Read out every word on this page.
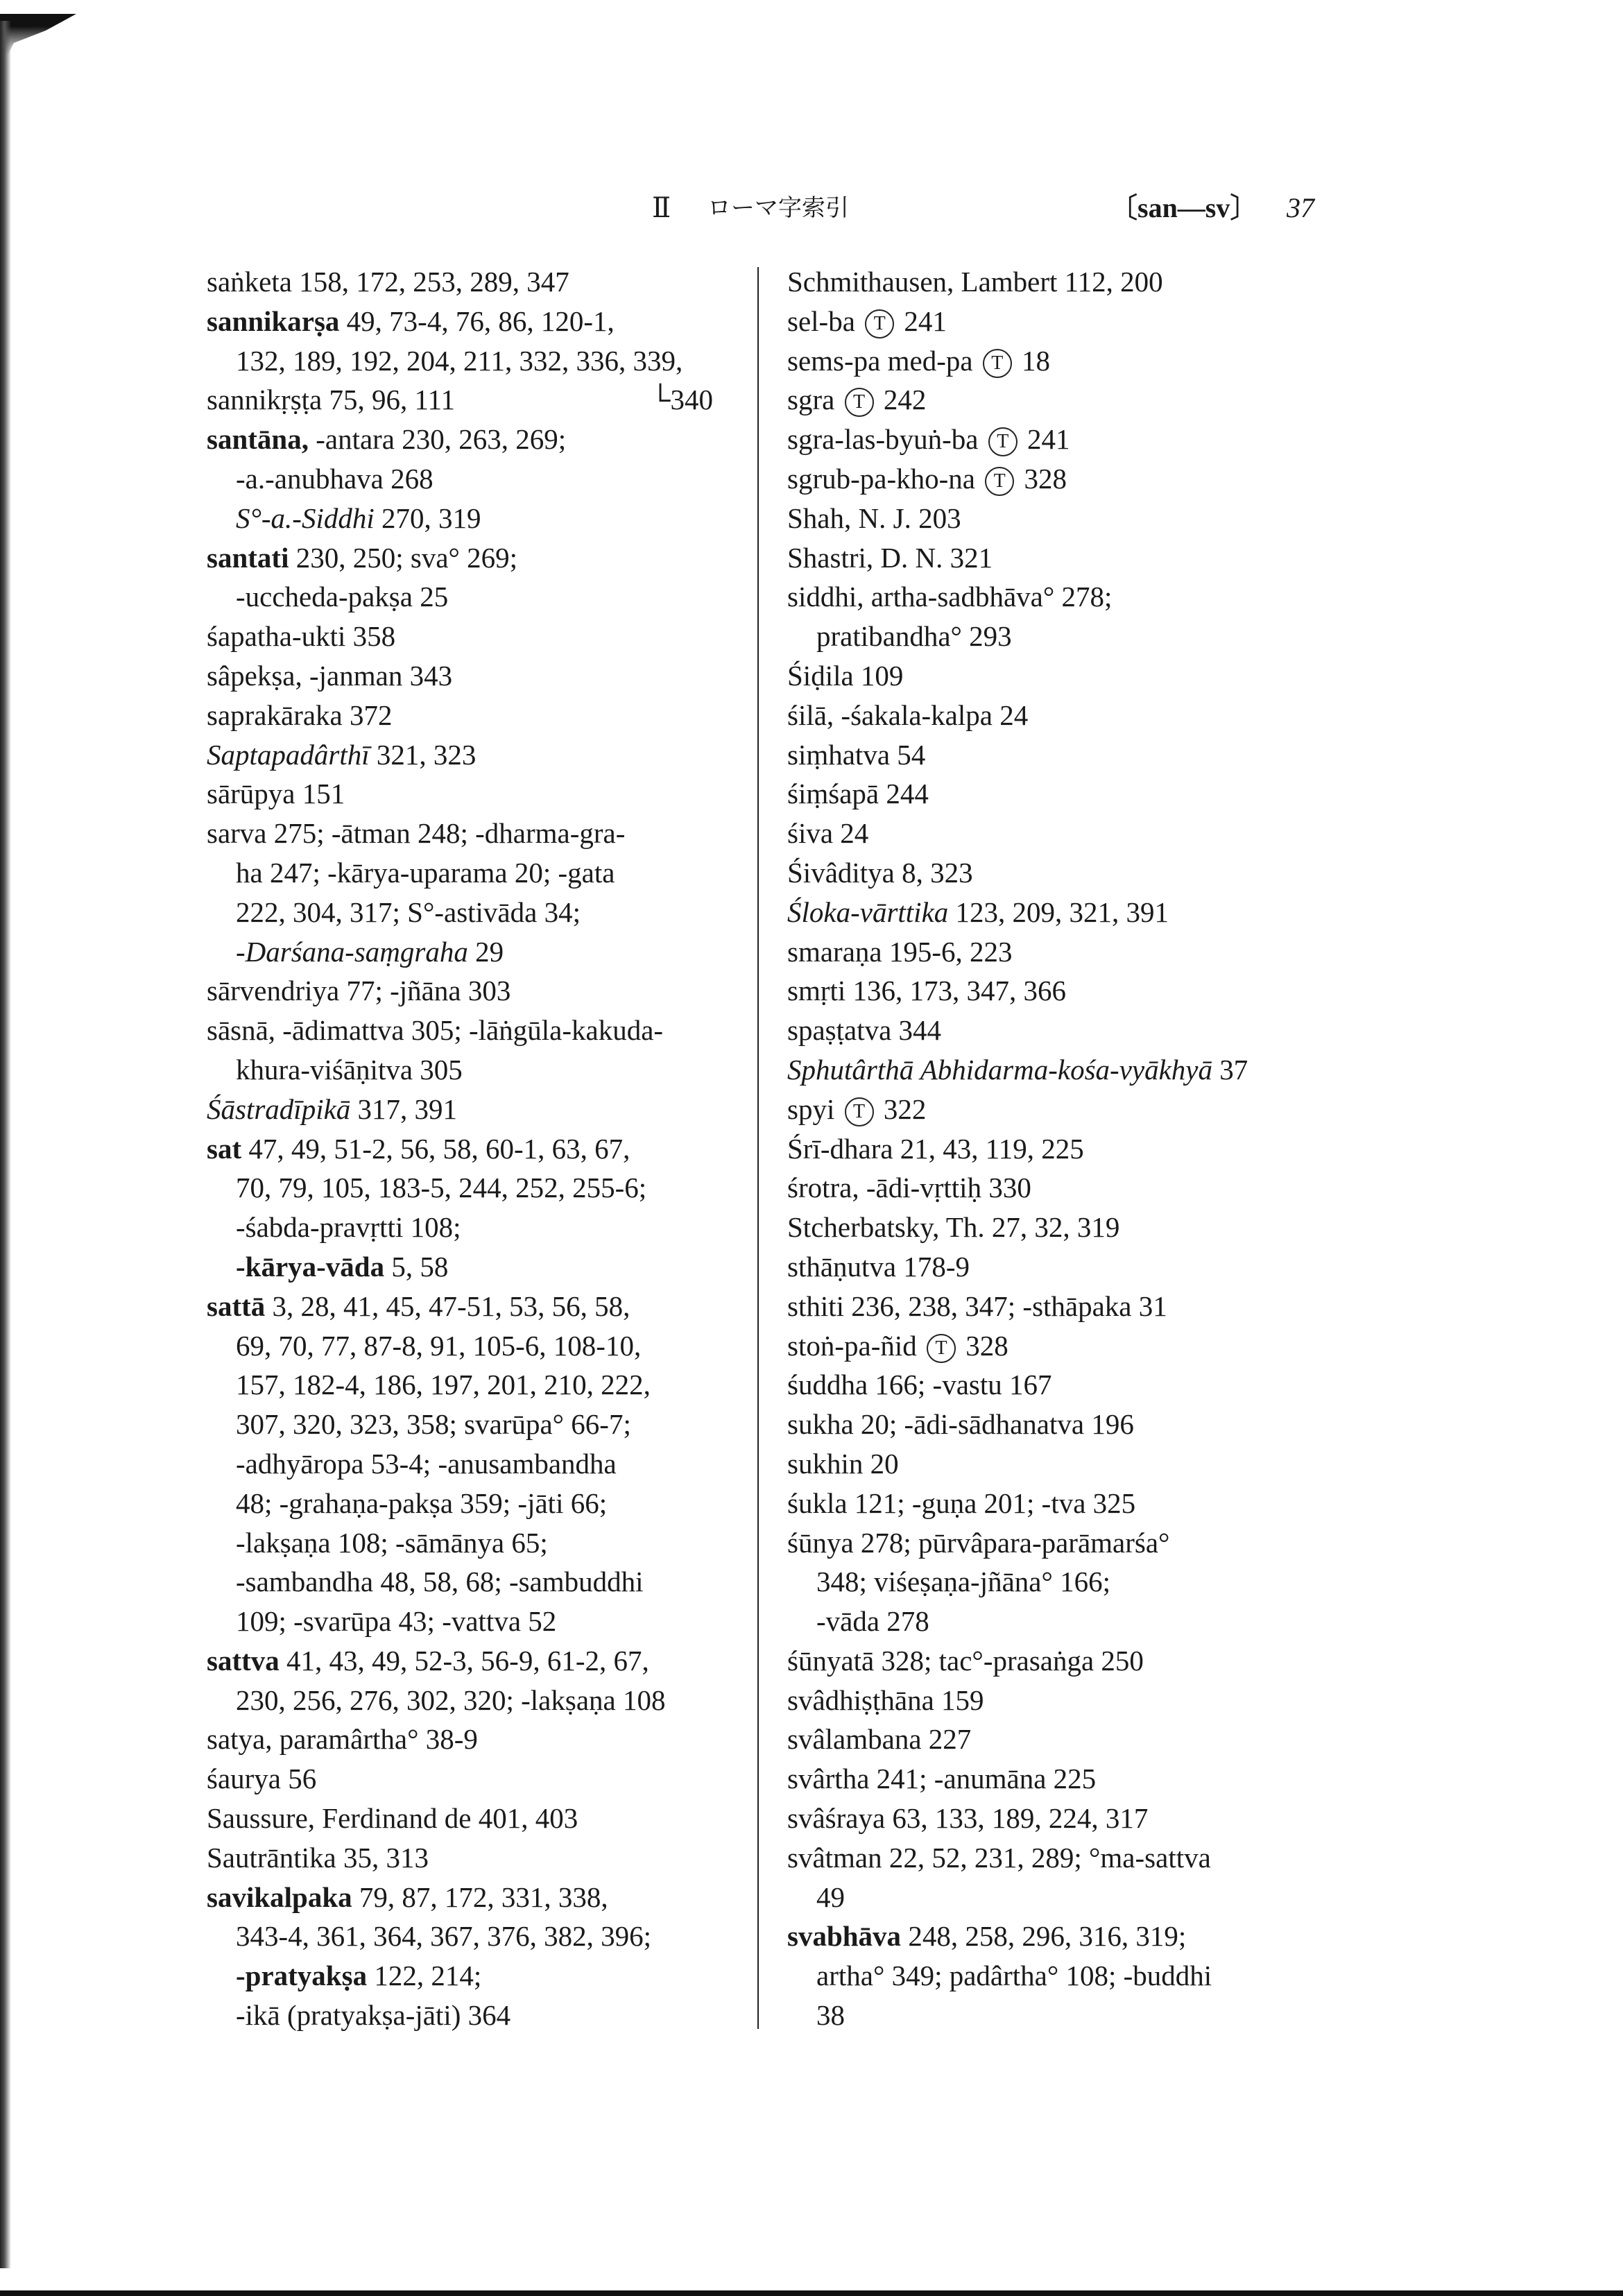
Ⅱ ローマ字索引	〔san—sv〕 37
saṅketa 158, 172, 253, 289, 347
sannikarṣa 49, 73-4, 76, 86, 120-1,
132, 189, 192, 204, 211, 332, 336, 339,
sannikṛṣṭa 75, 96, 111	└340
santāna, -antara 230, 263, 269;
-a.-anubhava 268
S°-a.-Siddhi 270, 319
santati 230, 250; sva° 269;
-uccheda-pakṣa 25
śapatha-ukti 358
sâpekṣa, -janman 343
saprakāraka 372
Saptapadârthī 321, 323
sārūpya 151
sarva 275; -ātman 248; -dharma-gra-
ha 247; -kārya-uparama 20; -gata
222, 304, 317; S°-astivāda 34;
-Darśana-saṃgraha 29
sārvendriya 77; -jñāna 303
sāsnā, -ādimattva 305; -lāṅgūla-kakuda-
khura-viśāṇitva 305
Śāstradīpikā 317, 391
sat 47, 49, 51-2, 56, 58, 60-1, 63, 67,
70, 79, 105, 183-5, 244, 252, 255-6;
-śabda-pravṛtti 108;
-kārya-vāda 5, 58
sattā 3, 28, 41, 45, 47-51, 53, 56, 58,
69, 70, 77, 87-8, 91, 105-6, 108-10,
157, 182-4, 186, 197, 201, 210, 222,
307, 320, 323, 358; svarūpa° 66-7;
-adhyāropa 53-4; -anusambandha
48; -grahaṇa-pakṣa 359; -jāti 66;
-lakṣaṇa 108; -sāmānya 65;
-sambandha 48, 58, 68; -sambuddhi
109; -svarūpa 43; -vattva 52
sattva 41, 43, 49, 52-3, 56-9, 61-2, 67,
230, 256, 276, 302, 320; -lakṣaṇa 108
satya, paramârtha° 38-9
śaurya 56
Saussure, Ferdinand de 401, 403
Sautrāntika 35, 313
savikalpaka 79, 87, 172, 331, 338,
343-4, 361, 364, 367, 376, 382, 396;
-pratyakṣa 122, 214;
-ikā (pratyakṣa-jāti) 364
Schmithausen, Lambert 112, 200
sel-ba T 241
sems-pa med-pa T 18
sgra T 242
sgra-las-byuṅ-ba T 241
sgrub-pa-kho-na T 328
Shah, N. J. 203
Shastri, D. N. 321
siddhi, artha-sadbhāva° 278;
pratibandha° 293
Śiḍila 109
śilā, -śakala-kalpa 24
siṃhatva 54
śiṃśapā 244
śiva 24
Śivâditya 8, 323
Śloka-vārttika 123, 209, 321, 391
smaraṇa 195-6, 223
smṛti 136, 173, 347, 366
spaṣṭatva 344
Sphutârthā Abhidarma-kośa-vyākhyā 37
spyi T 322
Śrī-dhara 21, 43, 119, 225
śrotra, -ādi-vṛttiḥ 330
Stcherbatsky, Th. 27, 32, 319
sthāṇutva 178-9
sthiti 236, 238, 347; -sthāpaka 31
stoṅ-pa-ñid T 328
śuddha 166; -vastu 167
sukha 20; -ādi-sādhanatva 196
sukhin 20
śukla 121; -guṇa 201; -tva 325
śūnya 278; pūrvâpara-parāmarśa°
348; viśeṣaṇa-jñāna° 166;
-vāda 278
śūnyatā 328; tac°-prasaṅga 250
svâdhiṣṭhāna 159
svâlambana 227
svârtha 241; -anumāna 225
svâśraya 63, 133, 189, 224, 317
svâtman 22, 52, 231, 289; °ma-sattva
49
svabhāva 248, 258, 296, 316, 319;
artha° 349; padârtha° 108; -buddhi
38
